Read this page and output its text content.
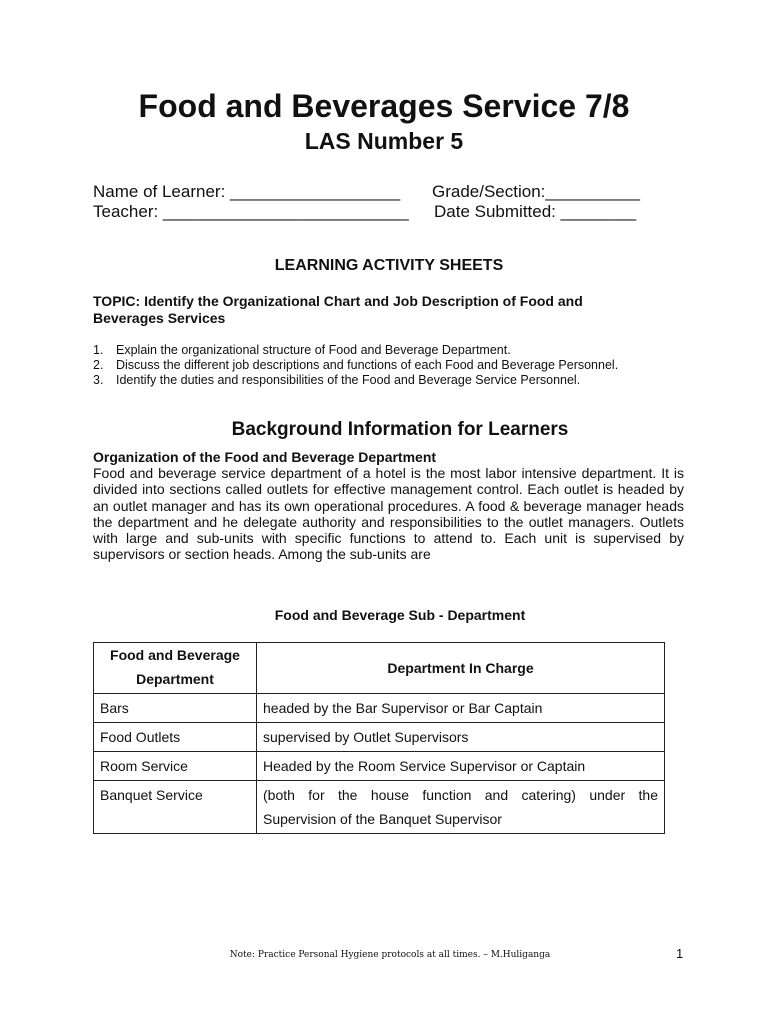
Food and Beverages Service 7/8
LAS Number 5
Name of Learner: __________________ Grade/Section:__________
Teacher: __________________________ Date Submitted: ________
LEARNING ACTIVITY SHEETS
TOPIC: Identify the Organizational Chart and Job Description of Food and Beverages Services
1. Explain the organizational structure of Food and Beverage Department.
2. Discuss the different job descriptions and functions of each Food and Beverage Personnel.
3. Identify the duties and responsibilities of the Food and Beverage Service Personnel.
Background Information for Learners
Organization of the Food and Beverage Department

Food and beverage service department of a hotel is the most labor intensive department. It is divided into sections called outlets for effective management control. Each outlet is headed by an outlet manager and has its own operational procedures. A food & beverage manager heads the department and he delegate authority and responsibilities to the outlet managers. Outlets with large and sub-units with specific functions to attend to. Each unit is supervised by supervisors or section heads. Among the sub-units are

Food and Beverage Sub - Department
Food and Beverage Department	Department In Charge
Bars	headed by the Bar Supervisor or Bar Captain
Food Outlets	supervised by Outlet Supervisors
Room Service	Headed by the Room Service Supervisor or Captain
Banquet Service	(both for the house function and catering) under the Supervision of the Banquet Supervisor
Note: Practice Personal Hygiene protocols at all times. – M.Huliganga	1
